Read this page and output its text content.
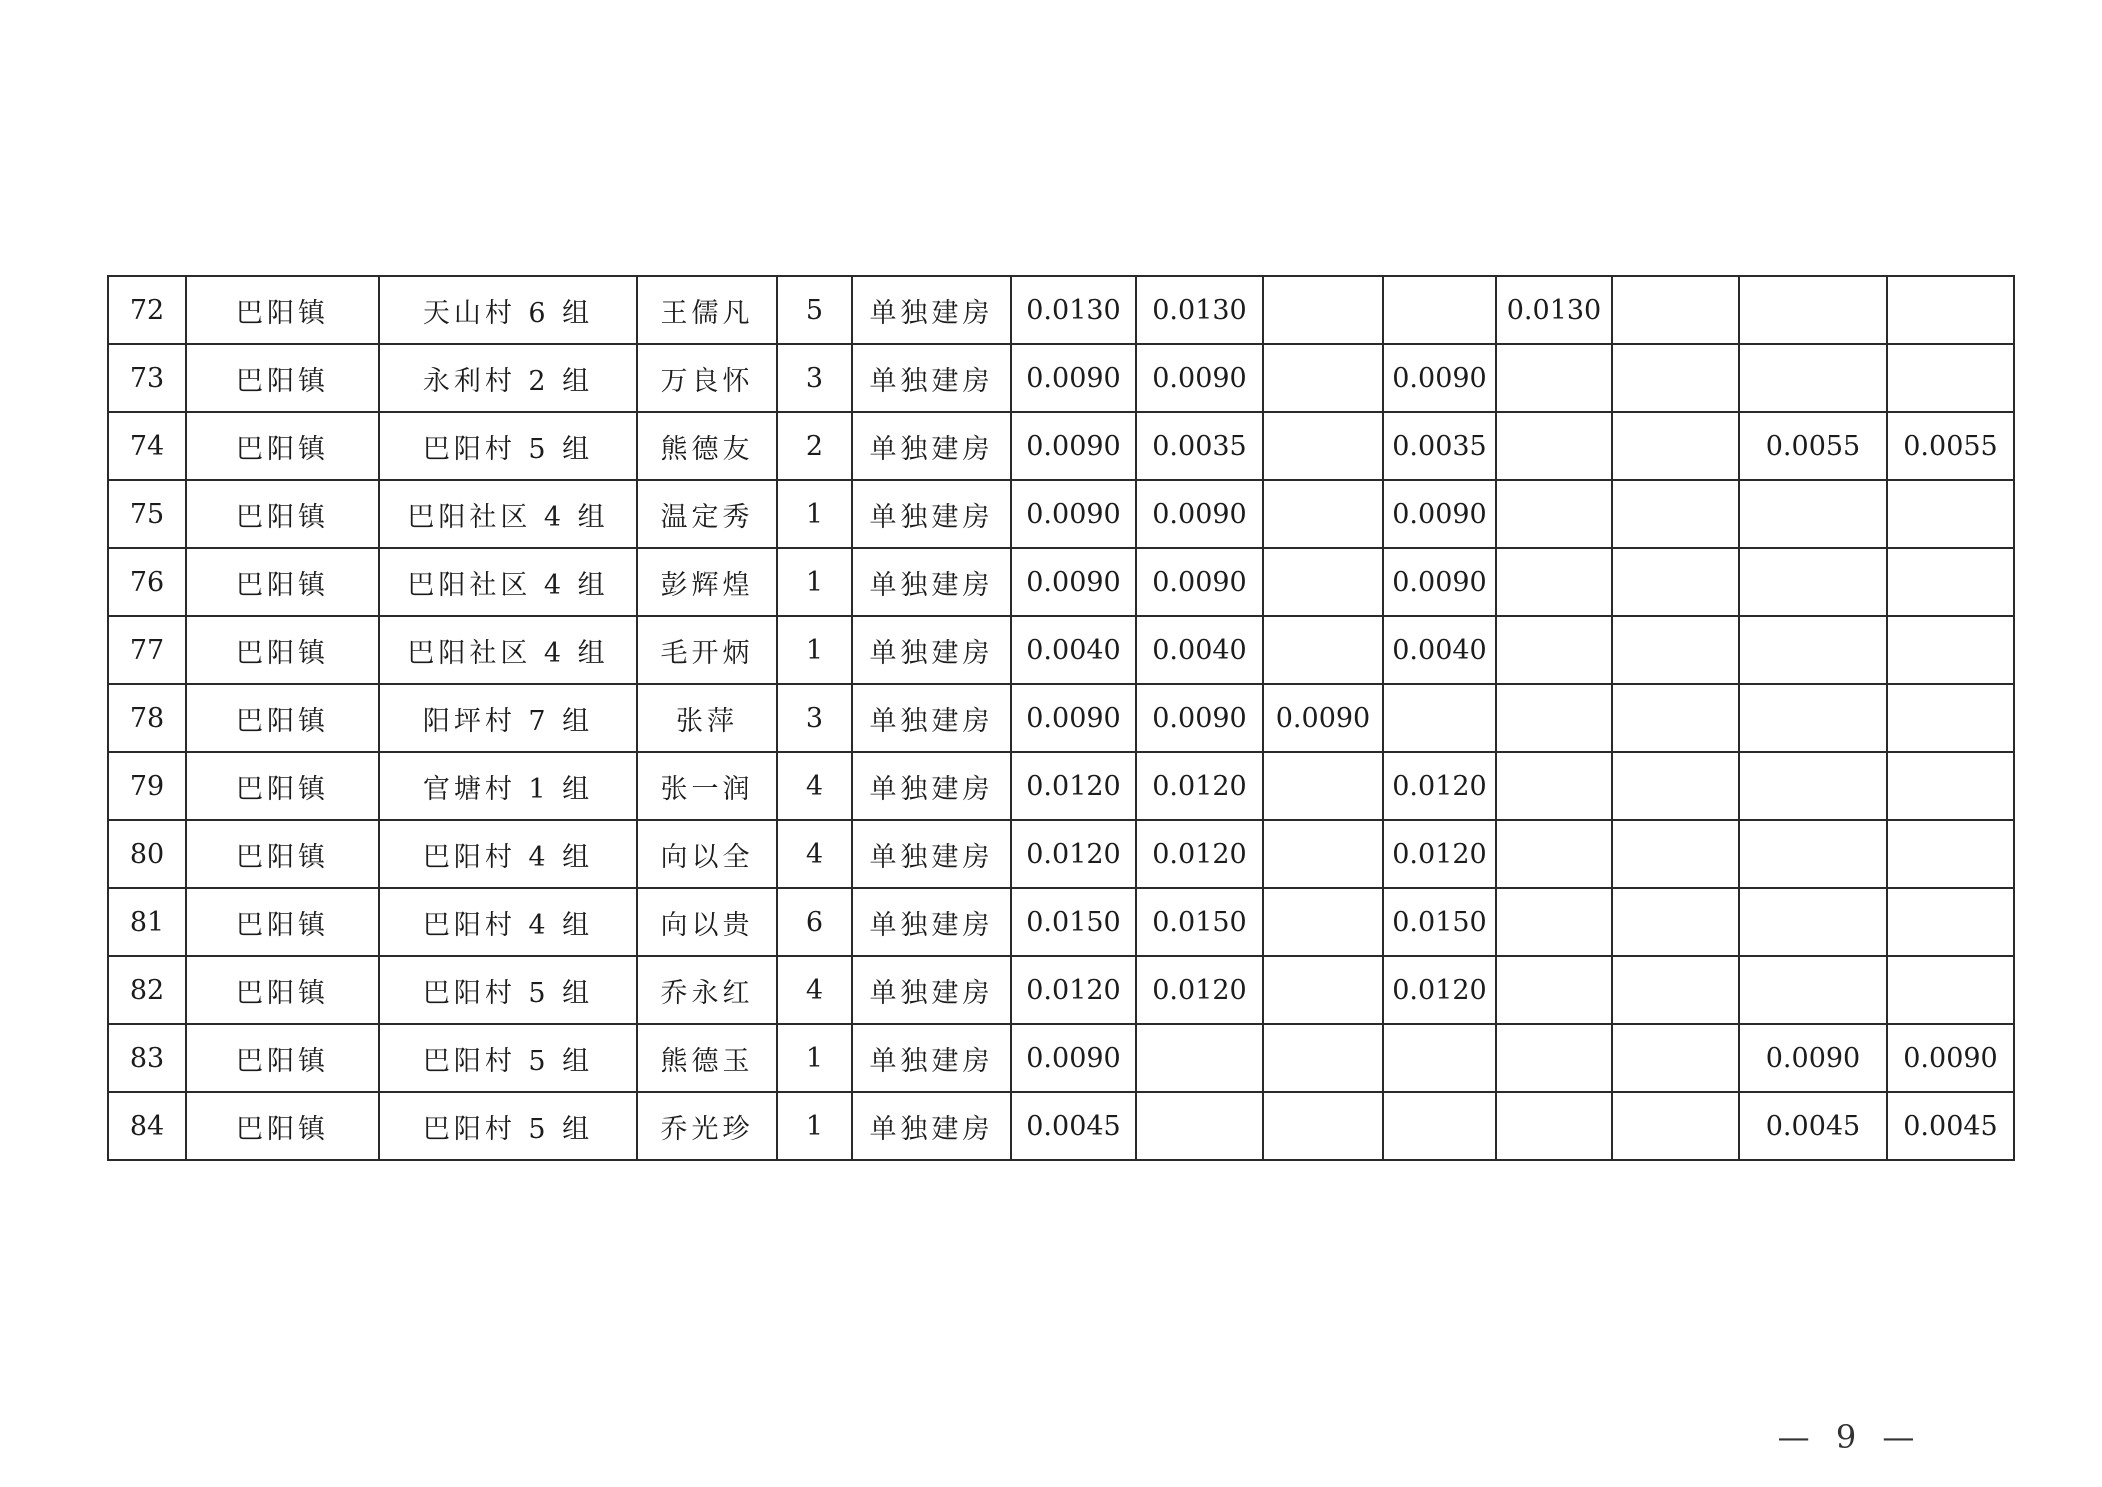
72	巴阳镇	天山村 6 组	王儒凡	5	单独建房	0.0130	0.0130			0.0130			
73	巴阳镇	永利村 2 组	万良怀	3	单独建房	0.0090	0.0090		0.0090				
74	巴阳镇	巴阳村 5 组	熊德友	2	单独建房	0.0090	0.0035		0.0035			0.0055	0.0055
75	巴阳镇	巴阳社区 4 组	温定秀	1	单独建房	0.0090	0.0090		0.0090				
76	巴阳镇	巴阳社区 4 组	彭辉煌	1	单独建房	0.0090	0.0090		0.0090				
77	巴阳镇	巴阳社区 4 组	毛开炳	1	单独建房	0.0040	0.0040		0.0040				
78	巴阳镇	阳坪村 7 组	张萍	3	单独建房	0.0090	0.0090	0.0090					
79	巴阳镇	官塘村 1 组	张一润	4	单独建房	0.0120	0.0120		0.0120				
80	巴阳镇	巴阳村 4 组	向以全	4	单独建房	0.0120	0.0120		0.0120				
81	巴阳镇	巴阳村 4 组	向以贵	6	单独建房	0.0150	0.0150		0.0150				
82	巴阳镇	巴阳村 5 组	乔永红	4	单独建房	0.0120	0.0120		0.0120				
83	巴阳镇	巴阳村 5 组	熊德玉	1	单独建房	0.0090						0.0090	0.0090
84	巴阳镇	巴阳村 5 组	乔光珍	1	单独建房	0.0045						0.0045	0.0045
— 9 —
